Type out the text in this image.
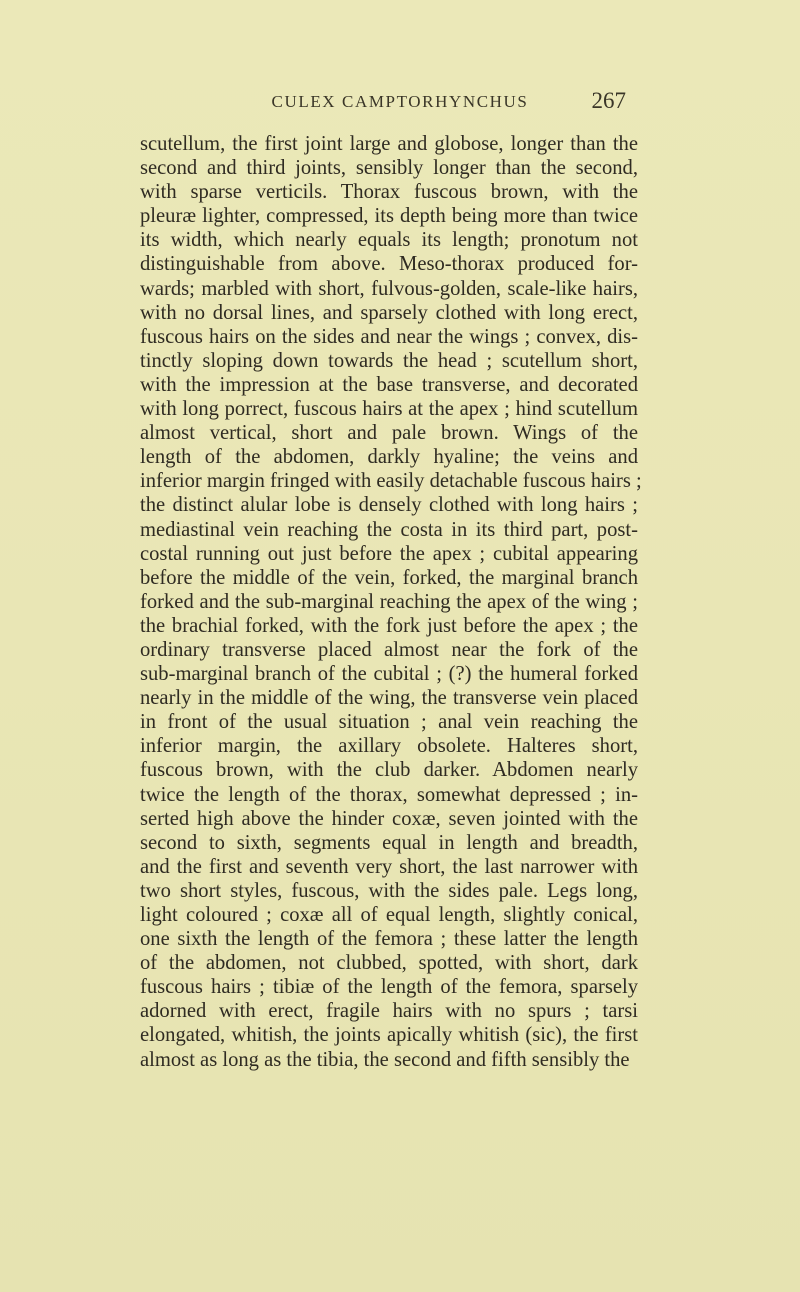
CULEX CAMPTORHYNCHUS	267
scutellum, the first joint large and globose, longer than the
second and third joints, sensibly longer than the second,
with sparse verticils. Thorax fuscous brown, with the
pleuræ lighter, compressed, its depth being more than twice
its width, which nearly equals its length; pronotum not
distinguishable from above. Meso-thorax produced for-
wards; marbled with short, fulvous-golden, scale-like hairs,
with no dorsal lines, and sparsely clothed with long erect,
fuscous hairs on the sides and near the wings ; convex, dis-
tinctly sloping down towards the head ; scutellum short,
with the impression at the base transverse, and decorated
with long porrect, fuscous hairs at the apex ; hind scutellum
almost vertical, short and pale brown. Wings of the
length of the abdomen, darkly hyaline; the veins and
inferior margin fringed with easily detachable fuscous hairs ;
the distinct alular lobe is densely clothed with long hairs ;
mediastinal vein reaching the costa in its third part, post-
costal running out just before the apex ; cubital appearing
before the middle of the vein, forked, the marginal branch
forked and the sub-marginal reaching the apex of the wing ;
the brachial forked, with the fork just before the apex ; the
ordinary transverse placed almost near the fork of the
sub-marginal branch of the cubital ; (?) the humeral forked
nearly in the middle of the wing, the transverse vein placed
in front of the usual situation ; anal vein reaching the
inferior margin, the axillary obsolete. Halteres short,
fuscous brown, with the club darker. Abdomen nearly
twice the length of the thorax, somewhat depressed ; in-
serted high above the hinder coxæ, seven jointed with the
second to sixth, segments equal in length and breadth,
and the first and seventh very short, the last narrower with
two short styles, fuscous, with the sides pale. Legs long,
light coloured ; coxæ all of equal length, slightly conical,
one sixth the length of the femora ; these latter the length
of the abdomen, not clubbed, spotted, with short, dark
fuscous hairs ; tibiæ of the length of the femora, sparsely
adorned with erect, fragile hairs with no spurs ; tarsi
elongated, whitish, the joints apically whitish (sic), the first
almost as long as the tibia, the second and fifth sensibly the
